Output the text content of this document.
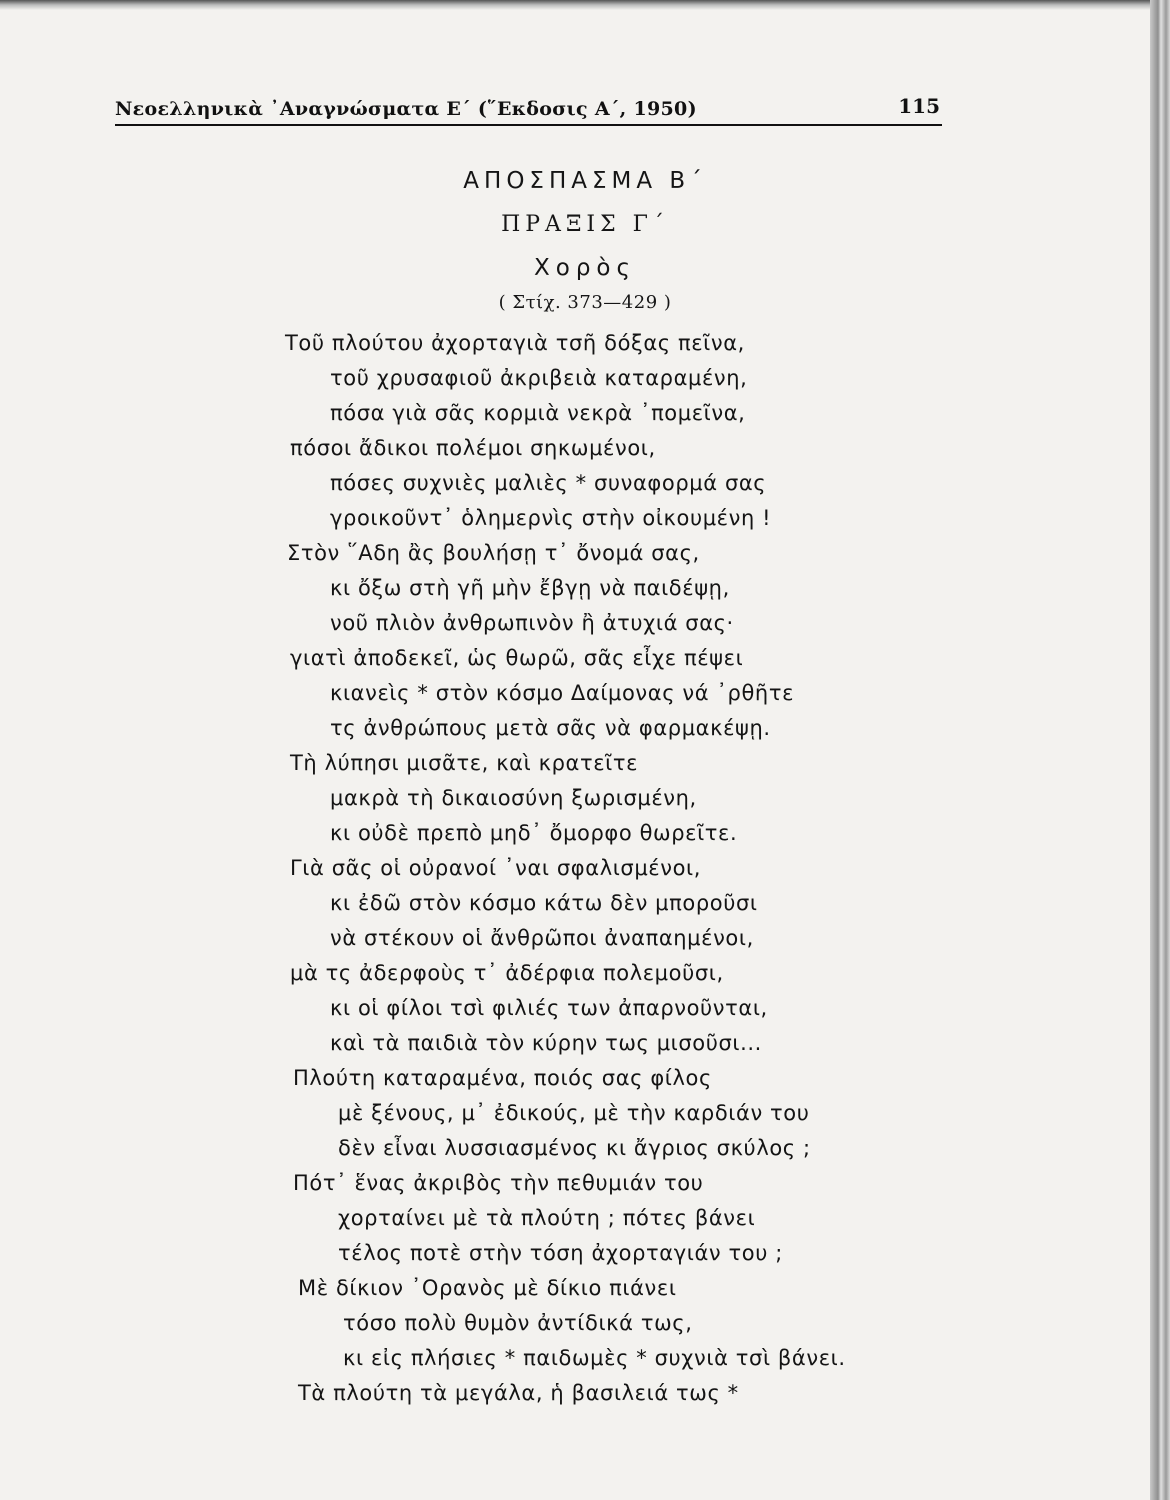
Νεοελληνικὰ ᾿Αναγνώσματα Ε΄ (῞Εκδοσις Α΄, 1950)	115
ΑΠΟΣΠΑΣΜΑ Β΄
ΠΡΑΞΙΣ Γ΄
Χορὸς
( Στίχ. 373—429 )
Τοῦ πλούτου ἀχορταγιὰ τσῆ δόξας πεῖνα,
τοῦ χρυσαφιοῦ ἀκριβειὰ καταραμένη,
πόσα γιὰ σᾶς κορμιὰ νεκρὰ ᾽πομεῖνα,
πόσοι ἄδικοι πολέμοι σηκωμένοι,
πόσες συχνιὲς μαλιὲς * συναφορμά σας
γροικοῦντ᾽ ὁλημερνὶς στὴν οἰκουμένη !
Στὸν ῞Αδη ἂς βουλήσῃ τ᾽ ὄνομά σας,
κι ὄξω στὴ γῆ μὴν ἔβγῃ νὰ παιδέψῃ,
νοῦ πλιὸν ἀνθρωπινὸν ἢ ἀτυχιά σας·
γιατὶ ἀποδεκεῖ, ὡς θωρῶ, σᾶς εἶχε πέψει
κιανεὶς * στὸν κόσμο Δαίμονας νά ᾽ρθῆτε
τς ἀνθρώπους μετὰ σᾶς νὰ φαρμακέψῃ.
Τὴ λύπησι μισᾶτε, καὶ κρατεῖτε
μακρὰ τὴ δικαιοσύνη ξωρισμένη,
κι οὐδὲ πρεπὸ μηδ᾽ ὄμορφο θωρεῖτε.
Γιὰ σᾶς οἱ οὐρανοί ᾽ναι σφαλισμένοι,
κι ἐδῶ στὸν κόσμο κάτω δὲν μποροῦσι
νὰ στέκουν οἱ ἄνθρῶποι ἀναπαημένοι,
μὰ τς ἀδερφοὺς τ᾽ ἀδέρφια πολεμοῦσι,
κι οἱ φίλοι τσὶ φιλιές των ἀπαρνοῦνται,
καὶ τὰ παιδιὰ τὸν κύρην τως μισοῦσι...
Πλούτη καταραμένα, ποιός σας φίλος
μὲ ξένους, μ᾽ ἐδικούς, μὲ τὴν καρδιάν του
δὲν εἶναι λυσσιασμένος κι ἄγριος σκύλος ;
Πότ᾽ ἕνας ἀκριβὸς τὴν πεθυμιάν του
χορταίνει μὲ τὰ πλούτη ; πότες βάνει
τέλος ποτὲ στὴν τόση ἀχορταγιάν του ;
Μὲ δίκιον ᾽Ορανὸς μὲ δίκιο πιάνει
τόσο πολὺ θυμὸν ἀντίδικά τως,
κι εἰς πλήσιες * παιδωμὲς * συχνιὰ τσὶ βάνει.
Τὰ πλούτη τὰ μεγάλα, ἡ βασιλειά τως *
